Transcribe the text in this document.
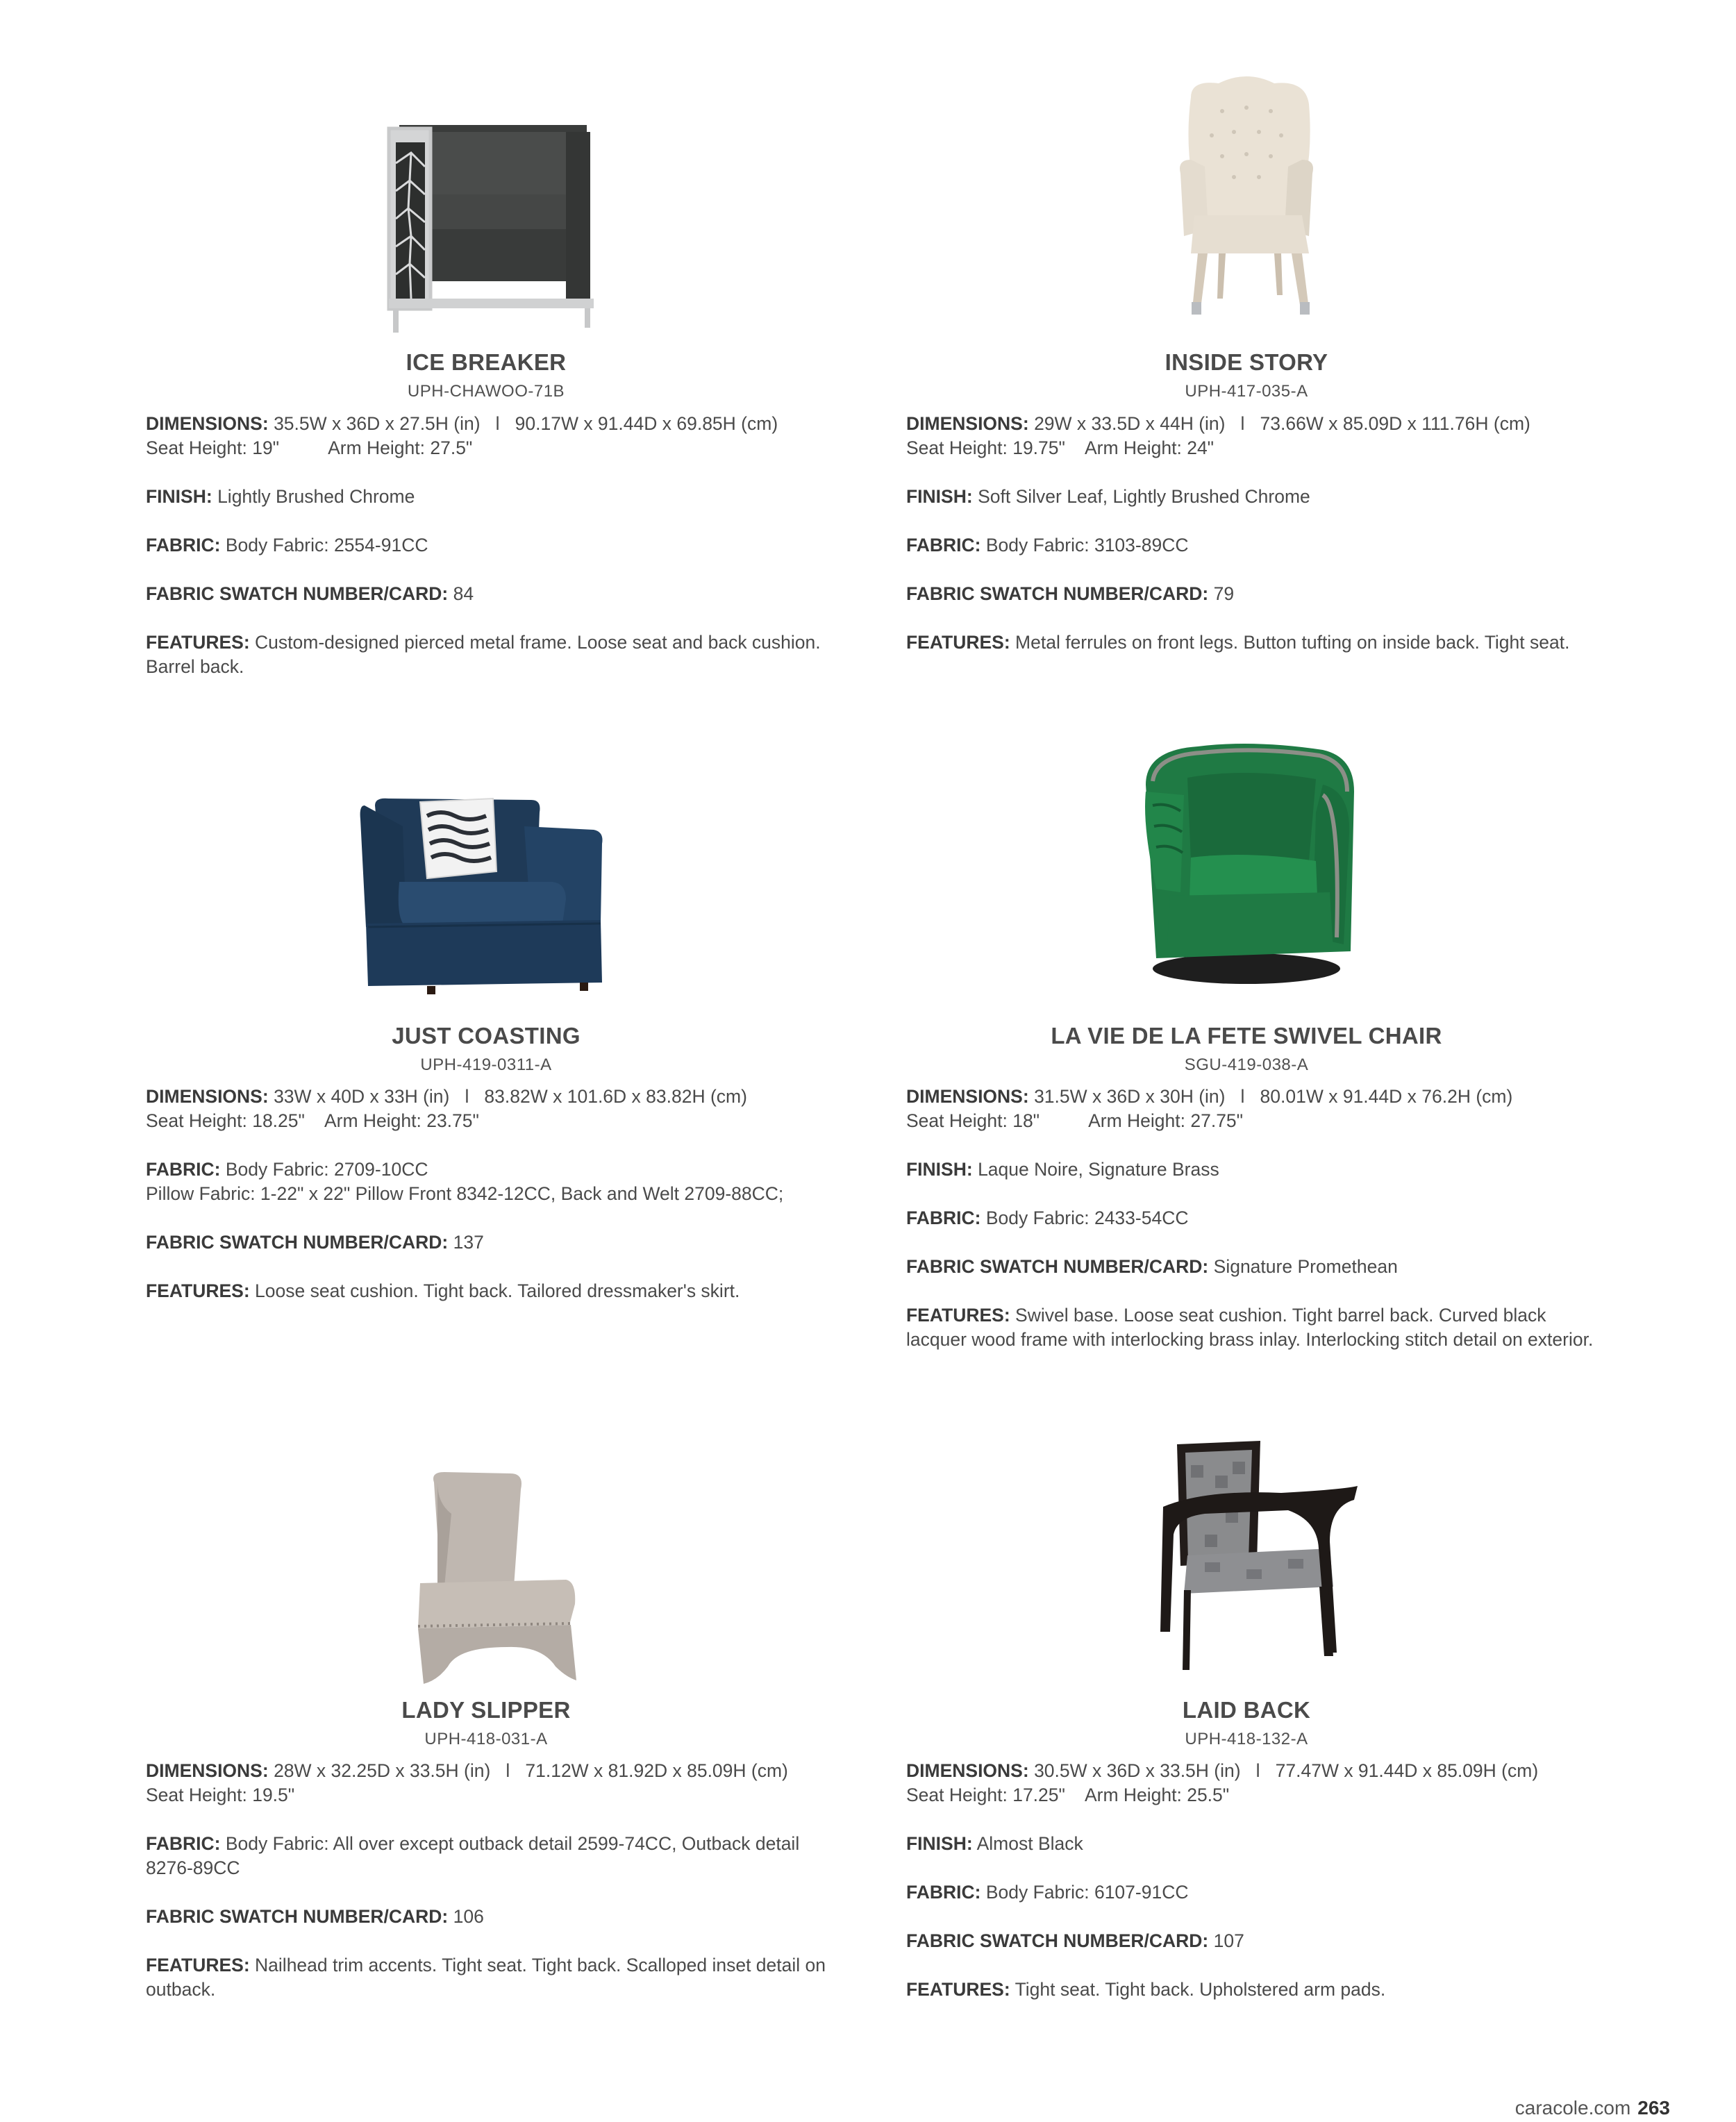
ICE BREAKER
UPH-CHAWOO-71B

DIMENSIONS: 35.5W x 36D x 27.5H (in)   l   90.17W x 91.44D x 69.85H (cm)
Seat Height: 19"	Arm Height: 27.5"

FINISH: Lightly Brushed Chrome

FABRIC: Body Fabric: 2554-91CC

FABRIC SWATCH NUMBER/CARD: 84

FEATURES: Custom-designed pierced metal frame. Loose seat and back cushion. Barrel back.

INSIDE STORY
UPH-417-035-A

DIMENSIONS: 29W x 33.5D x 44H (in)   l   73.66W x 85.09D x 111.76H (cm)
Seat Height: 19.75" Arm Height: 24"

FINISH: Soft Silver Leaf, Lightly Brushed Chrome

FABRIC: Body Fabric: 3103-89CC

FABRIC SWATCH NUMBER/CARD: 79

FEATURES: Metal ferrules on front legs. Button tufting on inside back. Tight seat.

JUST COASTING
UPH-419-0311-A

DIMENSIONS: 33W x 40D x 33H (in)   l   83.82W x 101.6D x 83.82H (cm)
Seat Height: 18.25" Arm Height: 23.75"

FABRIC: Body Fabric: 2709-10CC
Pillow Fabric: 1-22" x 22" Pillow Front 8342-12CC, Back and Welt 2709-88CC;

FABRIC SWATCH NUMBER/CARD: 137

FEATURES: Loose seat cushion. Tight back. Tailored dressmaker's skirt.

LA VIE DE LA FETE SWIVEL CHAIR
SGU-419-038-A

DIMENSIONS: 31.5W x 36D x 30H (in)   l   80.01W x 91.44D x 76.2H (cm)
Seat Height: 18"	Arm Height: 27.75"

FINISH: Laque Noire, Signature Brass

FABRIC: Body Fabric: 2433-54CC

FABRIC SWATCH NUMBER/CARD: Signature Promethean

FEATURES: Swivel base. Loose seat cushion. Tight barrel back. Curved black lacquer wood frame with interlocking brass inlay. Interlocking stitch detail on exterior.

LADY SLIPPER
UPH-418-031-A

DIMENSIONS: 28W x 32.25D x 33.5H (in)   l   71.12W x 81.92D x 85.09H (cm)
Seat Height: 19.5"

FABRIC: Body Fabric: All over except outback detail 2599-74CC, Outback detail 8276-89CC

FABRIC SWATCH NUMBER/CARD: 106

FEATURES: Nailhead trim accents. Tight seat. Tight back. Scalloped inset detail on outback.

LAID BACK
UPH-418-132-A

DIMENSIONS: 30.5W x 36D x 33.5H (in)   l   77.47W x 91.44D x 85.09H (cm)
Seat Height: 17.25" Arm Height: 25.5"

FINISH: Almost Black

FABRIC: Body Fabric: 6107-91CC

FABRIC SWATCH NUMBER/CARD: 107

FEATURES: Tight seat. Tight back. Upholstered arm pads.

caracole.com 263
